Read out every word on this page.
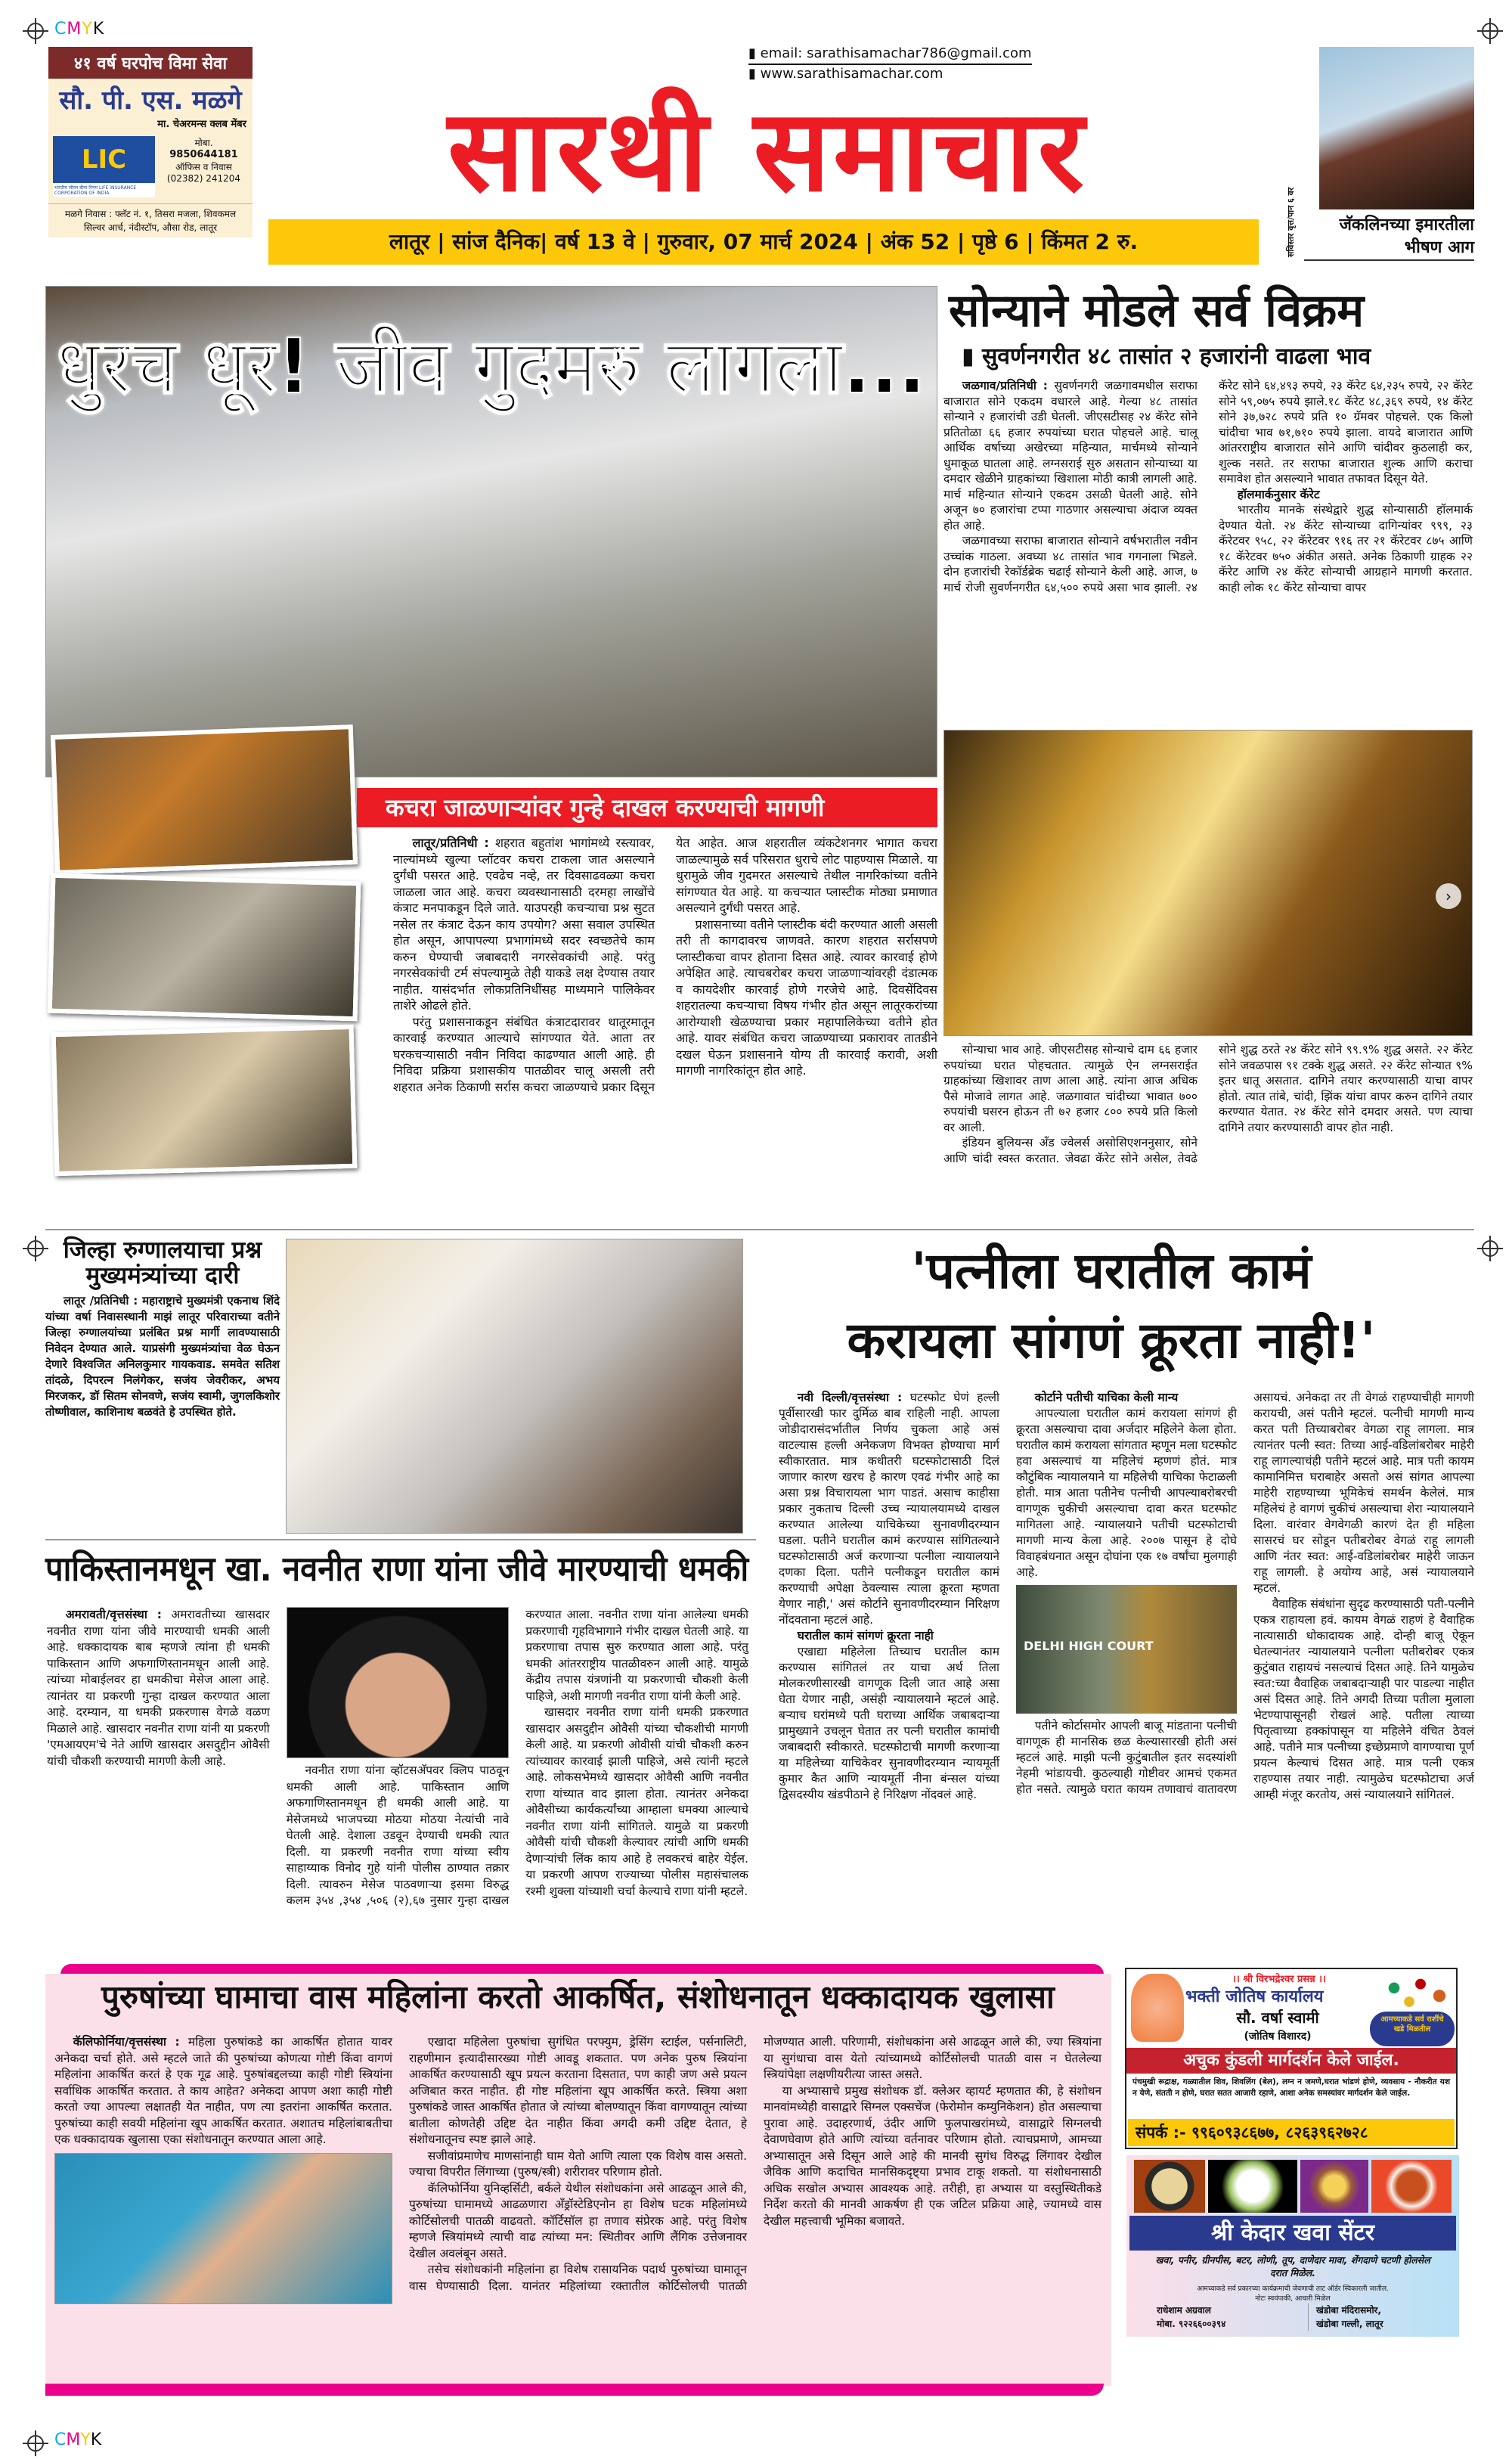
CMYK
CMYK
४१ वर्ष घरपोच विमा सेवा
सौ. पी. एस. मळगे
मा. चेअरमन्स क्लब मेंबर
LIC
भारतीय जीवन बीमा निगम LIFE INSURANCE CORPORATION OF INDIA
मोबा.
9850644181
ऑफिस व निवास
(02382) 241204
मळगे निवास : फ्लॅट नं. १, तिसरा मजला, शिवकमल सिल्वर आर्च, नंदीस्टॉप, औसा रोड, लातूर
▮ email: sarathisamachar786@gmail.com
▮ www.sarathisamachar.com
सारथी समाचार
लातूर | सांज दैनिक| वर्ष 13 वे | गुरुवार, 07 मार्च 2024 | अंक 52 | पृष्ठे 6 | किंमत 2 रु.	सविस्तर वृत्त/पान ६ वर	जॅकलिनच्या इमारतीला भीषण आग
धुरच धूर! जीव गुदमरु लागला...
कचरा जाळणाऱ्यांवर गुन्हे दाखल करण्याची मागणी

लातूर/प्रतिनिधी : शहरात बहुतांश भागांमध्ये रस्त्यावर, नाल्यांमध्ये खुल्या प्लॉटवर कचरा टाकला जात असल्याने दुर्गंधी पसरत आहे. एवढेच नव्हे, तर दिवसाढवळ्या कचरा जाळला जात आहे. कचरा व्यवस्थानासाठी दरमहा लाखोंचे कंत्राट मनपाकडून दिले जाते. याउपरही कचऱ्याचा प्रश्न सुटत नसेल तर कंत्राट देऊन काय उपयोग? असा सवाल उपस्थित होत असून, आपापल्या प्रभागांमध्ये सदर स्वच्छतेचे काम करुन घेण्याची जबाबदारी नगरसेवकांची आहे. परंतु नगरसेवकांची टर्म संपल्यामुळे तेही याकडे लक्ष देण्यास तयार नाहीत. यासंदर्भात लोकप्रतिनिधींसह माध्यमाने पालिकेवर ताशेरे ओढले होते.

परंतु प्रशासनाकडून संबंधित कंत्राटदारावर थातूरमातून कारवाई करण्यात आल्याचे सांगण्यात येते. आता तर घरकचऱ्यासाठी नवीन निविदा काढण्यात आली आहे. ही निविदा प्रक्रिया प्रशासकीय पातळीवर चालू असली तरी शहरात अनेक ठिकाणी सर्रास कचरा जाळण्याचे प्रकार दिसून येत आहेत. आज शहरातील व्यंकटेशनगर भागात कचरा जाळल्यामुळे सर्व परिसरात धुराचे लोट पाहण्यास मिळाले. या धुरामुळे जीव गुदमरत असल्याचे तेथील नागरिकांच्या वतीने सांगण्यात येत आहे. या कचऱ्यात प्लास्टीक मोठ्या प्रमाणात असल्याने दुर्गंधी पसरत आहे.

प्रशासनाच्या वतीने प्लास्टीक बंदी करण्यात आली असली तरी ती कागदावरच जाणवते. कारण शहरात सर्रासपणे प्लास्टीकचा वापर होताना दिसत आहे. त्यावर कारवाई होणे अपेक्षित आहे. त्याचबरोबर कचरा जाळणाऱ्यांवरही दंडात्मक व कायदेशीर कारवाई होणे गरजेचे आहे. दिवसेंदिवस शहरातल्या कचऱ्याचा विषय गंभीर होत असून लातूरकरांच्या आरोग्याशी खेळण्याचा प्रकार महापालिकेच्या वतीने होत आहे. यावर संबंधित कचरा जाळण्याच्या प्रकारावर तातडीने दखल घेऊन प्रशासनाने योग्य ती कारवाई करावी, अशी मागणी नागरिकांतून होत आहे.

सोन्याने मोडले सर्व विक्रम
▮ सुवर्णनगरीत ४८ तासांत २ हजारांनी वाढला भाव

जळगाव/प्रतिनिधी : सुवर्णनगरी जळगावमधील सराफा बाजारात सोने एकदम वधारले आहे. गेल्या ४८ तासांत सोन्याने २ हजारांची उडी घेतली. जीएसटीसह २४ कॅरेट सोने प्रतितोळा ६६ हजार रुपयांच्या घरात पोहचले आहे. चालू आर्थिक वर्षाच्या अखेरच्या महिन्यात, मार्चमध्ये सोन्याने धुमाकूळ घातला आहे. लग्नसराई सुरु असतान सोन्याच्या या दमदार खेळीने ग्राहकांच्या खिशाला मोठी कात्री लागली आहे. मार्च महिन्यात सोन्याने एकदम उसळी घेतली आहे. सोने अजून ७० हजारांचा टप्पा गाठणार असल्याचा अंदाज व्यक्त होत आहे.

जळगावच्या सराफा बाजारात सोन्याने वर्षभरातील नवीन उच्चांक गाठला. अवघ्या ४८ तासांत भाव गगनाला भिडले. दोन हजारांची रेकॉर्डब्रेक चढाई सोन्याने केली आहे. आज, ७ मार्च रोजी सुवर्णनगरीत ६४,५०० रुपये असा भाव झाली. २४ कॅरेट सोने ६४,४९३ रुपये, २३ कॅरेट ६४,२३५ रुपये, २२ कॅरेट सोने ५९,०७५ रुपये झाले.१८ कॅरेट ४८,३६९ रुपये, १४ कॅरेट सोने ३७,७२८ रुपये प्रति १० ग्रॅमवर पोहचले. एक किलो चांदीचा भाव ७१,७१० रुपये झाला. वायदे बाजारात आणि आंतरराष्ट्रीय बाजारात सोने आणि चांदीवर कुठलाही कर, शुल्क नसते. तर सराफा बाजारात शुल्क आणि कराचा समावेश होत असल्याने भावात तफावत दिसून येते.

हॉलमार्कनुसार कॅरेट

भारतीय मानके संस्थेद्वारे शुद्ध सोन्यासाठी हॉलमार्क देण्यात येतो. २४ कॅरेट सोन्याच्या दागिन्यांवर ९९९, २३ कॅरेटवर ९५८, २२ कॅरेटवर ९१६ तर २१ कॅरेटवर ८७५ आणि १८ कॅरेटवर ७५० अंकीत असते. अनेक ठिकाणी ग्राहक २२ कॅरेट आणि २४ कॅरेट सोन्याची आग्रहाने मागणी करतात. काही लोक १८ कॅरेट सोन्याचा वापर

›

सोन्याचा भाव आहे. जीएसटीसह सोन्याचे दाम ६६ हजार रुपयांच्या घरात पोहचतात. त्यामुळे ऐन लग्नसराईत ग्राहकांच्या खिशावर ताण आला आहे. त्यांना आज अधिक पैसे मोजावे लागत आहे. जळगावात चांदीच्या भावात ७०० रुपयांची घसरन होऊन ती ७२ हजार ८०० रुपये प्रति किलो वर आली.

इंडियन बुलियन्स अँड ज्वेलर्स असोसिएशननुसार, सोने आणि चांदी स्वस्त करतात. जेवढा कॅरेट सोने असेल, तेवढे सोने शुद्ध ठरते २४ कॅरेट सोने ९९.९% शुद्ध असते. २२ कॅरेट सोने जवळपास ९१ टक्के शुद्ध असते. २२ कॅरेट सोन्यात ९% इतर धातू असतात. दागिने तयार करण्यासाठी याचा वापर होतो. त्यात तांबे, चांदी, झिंक यांचा वापर करुन दागिने तयार करण्यात येतात. २४ कॅरेट सोने दमदार असते. पण त्याचा दागिने तयार करण्यासाठी वापर होत नाही.

जिल्हा रुग्णालयाचा प्रश्न मुख्यमंत्र्यांच्या दारी

लातूर /प्रतिनिधी : महाराष्ट्राचे मुख्यमंत्री एकनाथ शिंदे यांच्या वर्षा निवासस्थानी माझं लातूर परिवाराच्या वतीने जिल्हा रुग्णालयांच्या प्रलंबित प्रश्न मार्गी लावण्यासाठी निवेदन देण्यात आले. याप्रसंगी मुख्यमंत्र्यांचा वेळ घेऊन देणारे विश्वजित अनिलकुमार गायकवाड. समवेत सतिश तांदळे, दिपरत्न निलंगेकर, सजंय जेवरीकर, अभय मिरजकर, डॉ सितम सोनवणे, सजंय स्वामी, जुगलकिशोर तोष्णीवाल, काशिनाथ बळवंते हे उपस्थित होते.

'पत्नीला घरातील कामं
करायला सांगणं क्रूरता नाही!'

नवी दिल्ली/वृत्तसंस्था : घटस्फोट घेणं हल्ली पूर्वीसारखी फार दुर्मिळ बाब राहिली नाही. आपला जोडीदारासंदर्भातील निर्णय चुकला आहे असं वाटल्यास हल्ली अनेकजण विभक्त होण्याचा मार्ग स्वीकारतात. मात्र कधीतरी घटस्फोटासाठी दिलं जाणार कारण खरच हे कारण एवढं गंभीर आहे का असा प्रश्न विचारायला भाग पाडतं. असाच काहीसा प्रकार नुकताच दिल्ली उच्च न्यायालयामध्ये दाखल करण्यात आलेल्या याचिकेच्या सुनावणीदरम्यान घडला. पतीने घरातील कामं करण्यास सांगितल्याने घटस्फोटासाठी अर्ज करणाऱ्या पत्नीला न्यायालयाने दणका दिला. पतीने पत्नीकडून घरातील कामं करण्याची अपेक्षा ठेवल्यास त्याला क्रूरता म्हणता येणार नाही,' असं कोर्टाने सुनावणीदरम्यान निरिक्षण नोंदवताना म्हटलं आहे.

घरातील कामं सांगणं क्रूरता नाही

एखाद्या महिलेला तिच्याच घरातील काम करण्यास सांगितलं तर याचा अर्थ तिला मोलकरणीसारखी वागणूक दिली जात आहे असा घेता येणार नाही, असंही न्यायालयाने म्हटलं आहे. बऱ्याच घरांमध्ये पती घराच्या आर्थिक जबाबदाऱ्या प्रामुख्याने उचलून घेतात तर पत्नी घरातील कामांची जबाबदारी स्वीकारते. घटस्फोटाची मागणी करणाऱ्या या महिलेच्या याचिकेवर सुनावणीदरम्यान न्यायमूर्ती कुमार कैत आणि न्यायमूर्ती नीना बंन्सल यांच्या द्विसदस्यीय खंडपीठाने हे निरिक्षण नोंदवलं आहे.

कोर्टाने पतीची याचिका केली मान्य

आपल्याला घरातील कामं करायला सांगणं ही क्रूरता असल्याचा दावा अर्जदार महिलेने केला होता. घरातील कामं करायला सांगतात म्हणून मला घटस्फोट हवा असल्याचं या महिलेचं म्हणणं होतं. मात्र कौटुंबिक न्यायालयाने या महिलेची याचिका फेटाळली होती. मात्र आता पतीनेच पत्नीची आपल्याबरोबरची वागणूक चुकीची असल्याचा दावा करत घटस्फोट मागितला आहे. न्यायालयाने पतीची घटस्फोटाची मागणी मान्य केला आहे. २००७ पासून हे दोघे विवाहबंधनात असून दोघांना एक १७ वर्षांचा मुलगाही आहे.

DELHI HIGH COURT

पतीने कोर्टासमोर आपली बाजू मांडताना पत्नीची वागणूक ही मानसिक छळ केल्यासारखी होती असं म्हटलं आहे. माझी पत्नी कुटुंबातील इतर सदस्यांशी नेहमी भांडायची. कुठल्याही गोष्टीवर आमचं एकमत होत नसते. त्यामुळे घरात कायम तणावाचं वातावरण असायचं. अनेकदा तर ती वेगळं राहण्याचीही मागणी करायची, असं पतीने म्हटलं. पत्नीची मागणी मान्य करत पती तिच्याबरोबर वेगळा राहू लागला. मात्र त्यानंतर पत्नी स्वत: तिच्या आई-वडिलांबरोबर माहेरी राहू लागल्याचंही पतीने म्हटलं आहे. मात्र पती कायम कामानिमित्त घराबाहेर असतो असं सांगत आपल्या माहेरी राहण्याच्या भूमिकेचं समर्थन केलेलं. मात्र महिलेचं हे वागणं चुकीचं असल्याचा शेरा न्यायालयाने दिला. वारंवार वेगवेगळी कारणं देत ही महिला सासरचं घर सोडून पतीबरोबर वेगळं राहू लागली आणि नंतर स्वत: आई-वडिलांबरोबर माहेरी जाऊन राहू लागली. हे अयोग्य आहे, असं न्यायालयाने म्हटलं.

वैवाहिक संबंधांना सुदृढ करण्यासाठी पती-पत्नीने एकत्र राहायला हवं. कायम वेगळं राहणं हे वैवाहिक नात्यासाठी धोकादायक आहे. दोन्ही बाजू ऐकून घेतल्यानंतर न्यायालयाने पत्नीला पतीबरोबर एकत्र कुटुंबात राहायचं नसल्याचं दिसत आहे. तिने यामुळेच स्वत:च्या वैवाहिक जबाबदाऱ्याही पार पाडल्या नाहीत असं दिसत आहे. तिने अगदी तिच्या पतीला मुलाला भेटण्यापासूनही रोखलं आहे. पतीला त्याच्या पितृत्वाच्या हक्कांपासून या महिलेने वंचित ठेवलं आहे. पतीने मात्र पत्नीच्या इच्छेप्रमाणे वागण्याचा पूर्ण प्रयत्न केल्याचं दिसत आहे. मात्र पत्नी एकत्र राहण्यास तयार नाही. त्यामुळेच घटस्फोटाचा अर्ज आम्ही मंजूर करतोय, असं न्यायालयाने सांगितलं.

पाकिस्तानमधून खा. नवनीत राणा यांना जीवे मारण्याची धमकी

अमरावती/वृत्तसंस्था : अमरावतीच्या खासदार नवनीत राणा यांना जीवे मारण्याची धमकी आली आहे. धक्कादायक बाब म्हणजे त्यांना ही धमकी पाकिस्तान आणि अफगाणिस्तानमधून आली आहे. त्यांच्या मोबाईलवर हा धमकीचा मेसेज आला आहे. त्यानंतर या प्रकरणी गुन्हा दाखल करण्यात आला आहे. दरम्यान, या धमकी प्रकरणास वेगळे वळण मिळाले आहे. खासदार नवनीत राणा यांनी या प्रकरणी 'एमआयएम'चे नेते आणि खासदार असदुद्दीन ओवैसी यांची चौकशी करण्याची मागणी केली आहे.

नवनीत राणा यांना व्हॉटसअ‍ॅपवर क्लिप पाठवून धमकी आली आहे. पाकिस्तान आणि अफगाणिस्तानमधून ही धमकी आली आहे. या मेसेजमध्ये भाजपच्या मोठया मोठया नेत्यांची नावे घेतली आहे. देशाला उडवून देण्याची धमकी त्यात दिली. या प्रकरणी नवनीत राणा यांच्या स्वीय साहाय्याक विनोद गुहे यांनी पोलीस ठाण्यात तक्रार दिली. त्यावरुन मेसेज पाठवणाऱ्या इसमा विरुद्ध कलम ३५४ ,३५४ ,५०६ (२),६७ नुसार गुन्हा दाखल करण्यात आला. नवनीत राणा यांना आलेल्या धमकी प्रकरणाची गृहविभागाने गंभीर दाखल घेतली आहे. या प्रकरणाचा तपास सुरु करण्यात आला आहे. परंतु धमकी आंतरराष्ट्रीय पातळीवरुन आली आहे. यामुळे केंद्रीय तपास यंत्रणांनी या प्रकरणाची चौकशी केली पाहिजे, अशी मागणी नवनीत राणा यांनी केली आहे.

खासदार नवनीत राणा यांनी धमकी प्रकरणात खासदार असदुद्दीन ओवैसी यांच्या चौकशीची मागणी केली आहे. या प्रकरणी ओवीसी यांची चौकशी करुन त्यांच्यावर कारवाई झाली पाहिजे, असे त्यांनी म्हटले आहे. लोकसभेमध्ये खासदार ओवैसी आणि नवनीत राणा यांच्यात वाद झाला होता. त्यानंतर अनेकदा ओवैसीच्या कार्यकर्त्यांच्या आम्हाला धमक्या आल्याचे नवनीत राणा यांनी सांगितले. यामुळे या प्रकरणी ओवैसी यांची चौकशी केल्यावर त्यांची आणि धमकी देणाऱ्यांची लिंक काय आहे हे लवकरचं बाहेर येईल. या प्रकरणी आपण राज्याच्या पोलीस महासंचालक रश्मी शुक्ला यांच्याशी चर्चा केल्याचे राणा यांनी म्हटले.

पुरुषांच्या घामाचा वास महिलांना करतो आकर्षित, संशोधनातून धक्कादायक खुलासा

कॅलिफोर्निया/वृत्तसंस्था : महिला पुरुषांकडे का आकर्षित होतात यावर अनेकदा चर्चा होते. असे म्हटले जाते की पुरुषांच्या कोणत्या गोष्टी किंवा वागणं महिलांना आकर्षित करतं हे एक गूढ आहे. पुरुषांबद्दलच्या काही गोष्टी स्त्रियांना सर्वाधिक आकर्षित करतात. ते काय आहेत? अनेकदा आपण अशा काही गोष्टी करतो ज्या आपल्या लक्षातही येत नाहीत, पण त्या इतरांना आकर्षित करतात. पुरुषांच्या काही सवयी महिलांना खूप आकर्षित करतात. अशातच महिलांबाबतीचा एक धक्कादायक खुलासा एका संशोधनातून करण्यात आला आहे.

एखादा महिलेला पुरुषांचा सुगंधित परफ्युम, ड्रेसिंग स्टाईल, पर्सनालिटी, राहणीमान इत्यादीसारख्या गोष्टी आवडू शकतात. पण अनेक पुरुष स्त्रियांना आकर्षित करण्यासाठी खूप प्रयत्न करताना दिसतात, पण काही जण असे प्रयत्न अजिबात करत नाहीत. ही गोष्ट महिलांना खूप आकर्षित करते. स्त्रिया अशा पुरुषांकडे जास्त आकर्षित होतात जे त्यांच्या बोलण्यातून किंवा वागण्यातून त्यांच्या बातीला कोणतेही उद्दिष्ट देत नाहीत किंवा अगदी कमी उद्दिष्ट देतात, हे संशोधनातूनच स्पष्ट झाले आहे.

सजीवांप्रमाणेच माणसांनाही घाम येतो आणि त्याला एक विशेष वास असतो. ज्याचा विपरीत लिंगाच्या (पुरुष/स्त्री) शरीरावर परिणाम होतो.

कॅलिफोर्निया युनिव्हर्सिटी, बर्कले येथील संशोधकांना असे आढळून आले की, पुरुषांच्या घामामध्ये आढळणारा अँड्रॉस्टेडिएनोन हा विशेष घटक महिलांमध्ये कोर्टिसोलची पातळी वाढवतो. कॉर्टिसॉल हा तणाव संप्रेरक आहे. परंतु विशेष म्हणजे स्त्रियांमध्ये त्याची वाढ त्यांच्या मन: स्थितीवर आणि लैंगिक उत्तेजनावर देखील अवलंबून असते.

तसेच संशोधकांनी महिलांना हा विशेष रासायनिक पदार्थ पुरुषांच्या घामातून वास घेण्यासाठी दिला. यानंतर महिलांच्या रक्तातील कोर्टिसोलची पातळी मोजण्यात आली. परिणामी, संशोधकांना असे आढळून आले की, ज्या स्त्रियांना या सुगंधाचा वास येतो त्यांच्यामध्ये कोर्टिसोलची पातळी वास न घेतलेल्या स्त्रियांपेक्षा लक्षणीयरीत्या जास्त असते.

या अभ्यासाचे प्रमुख संशोधक डॉ. क्लेअर व्हायर्ट म्हणतात की, हे संशोधन मानवांमध्येही वासाद्वारे सिग्नल एक्सचेंज (फेरोमोन कम्युनिकेशन) होत असल्याचा पुरावा आहे. उदाहरणार्थ, उंदीर आणि फुलपाखरांमध्ये, वासाद्वारे सिग्नलची देवाणघेवाण होते आणि त्यांच्या वर्तनावर परिणाम होतो. त्याचप्रमाणे, आमच्या अभ्यासातून असे दिसून आले आहे की मानवी सुगंध विरुद्ध लिंगावर देखील जैविक आणि कदाचित मानसिकदृष्ट्या प्रभाव टाकू शकतो. या संशोधनासाठी अधिक सखोल अभ्यास आवश्यक आहे. तरीही, हा अभ्यास या वस्तुस्थितीकडे निर्देश करतो की मानवी आकर्षण ही एक जटिल प्रक्रिया आहे, ज्यामध्ये वास देखील महत्त्वाची भूमिका बजावते.

।। श्री विरभद्रेश्वर प्रसन्न ।।
भक्ती जोतिष कार्यालय
सौ. वर्षा स्वामी
(जोतिष विशारद)
आमच्याकडे सर्व राशींचे खडे मिळतील
अचुक कुंडली मार्गदर्शन केले जाईल.
पंचमुखी रूद्राक्ष, गळ्यातील शिव, शिवलिंग (बेल), लग्न न जमणे,घरात भांडणं होणे, व्यवसाय - नौकरीत यश न येणे, संतती न होणे, घरात सतत आजारी रहाणे, आशा अनेक समस्यांवर मार्गदर्शन केले जाईल.
संपर्क :- ९९६०९३८६७७, ८२६३९६२७२८
श्री केदार खवा सेंटर
खवा, पनीर, ग्रीनपीस, बटर, लोणी, तूप, दाणेदार मावा, शेंगदाणे चटणी होलसेल दरात मिळेल.
आमच्याकडे सर्व प्रकारच्या कार्यक्रमाची जेवणाची ताट ऑर्डर स्विकारली जातील.
नोटः स्वयंपाकी, आचारी मिळेल
राधेशाम अग्रवाल
मोबा. ९२२६६००३९४
खंडोबा मंदिरासमोर,
खंडोबा गल्ली, लातूर
